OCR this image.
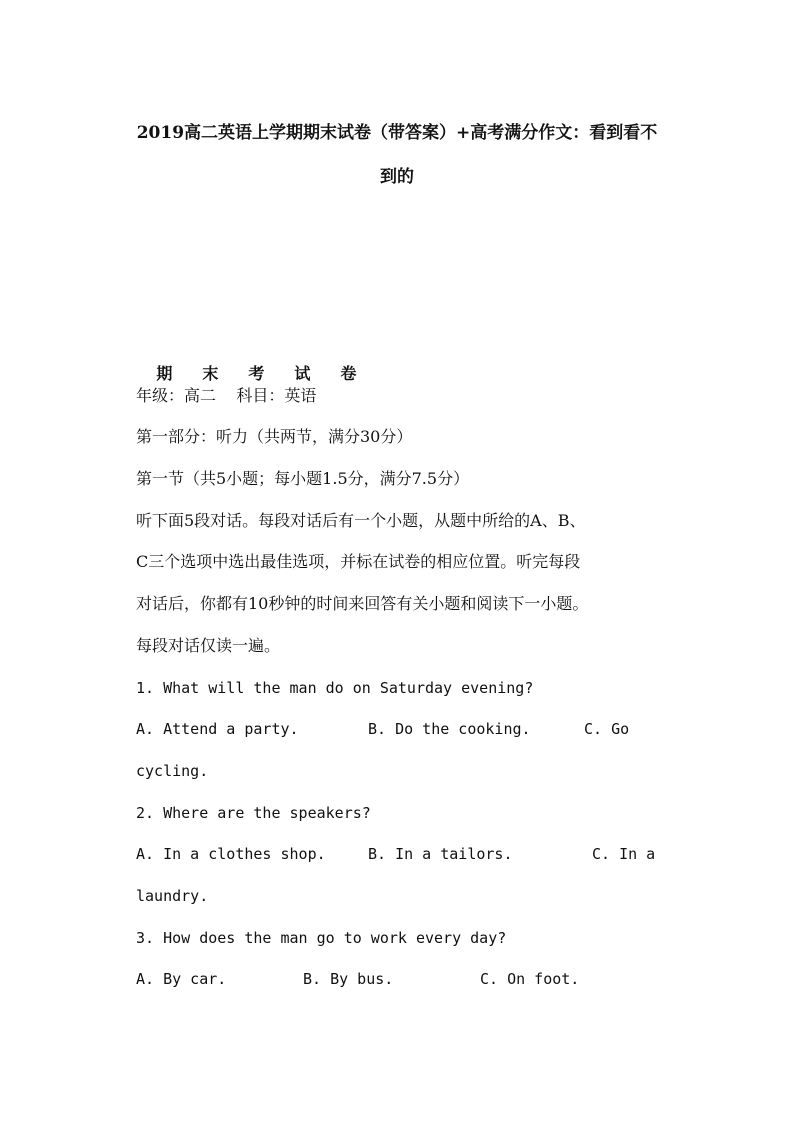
2019高二英语上学期期末试卷（带答案）+高考满分作文：看到看不
到的

期 末 考 试 卷

年级：高二    科目：英语
第一部分：听力（共两节，满分30分）
第一节（共5小题；每小题1.5分，满分7.5分）
听下面5段对话。每段对话后有一个小题，从题中所给的A、B、
C三个选项中选出最佳选项，并标在试卷的相应位置。听完每段
对话后，你都有10秒钟的时间来回答有关小题和阅读下一小题。
每段对话仅读一遍。
1. What will the man do on Saturday evening?
A. Attend a party.	B. Do the cooking.	C. Go
cycling.
2. Where are the speakers?
A. In a clothes shop.	B. In a tailors.	C. In a
laundry.
3. How does the man go to work every day?
A. By car.	B. By bus.	C. On foot.
